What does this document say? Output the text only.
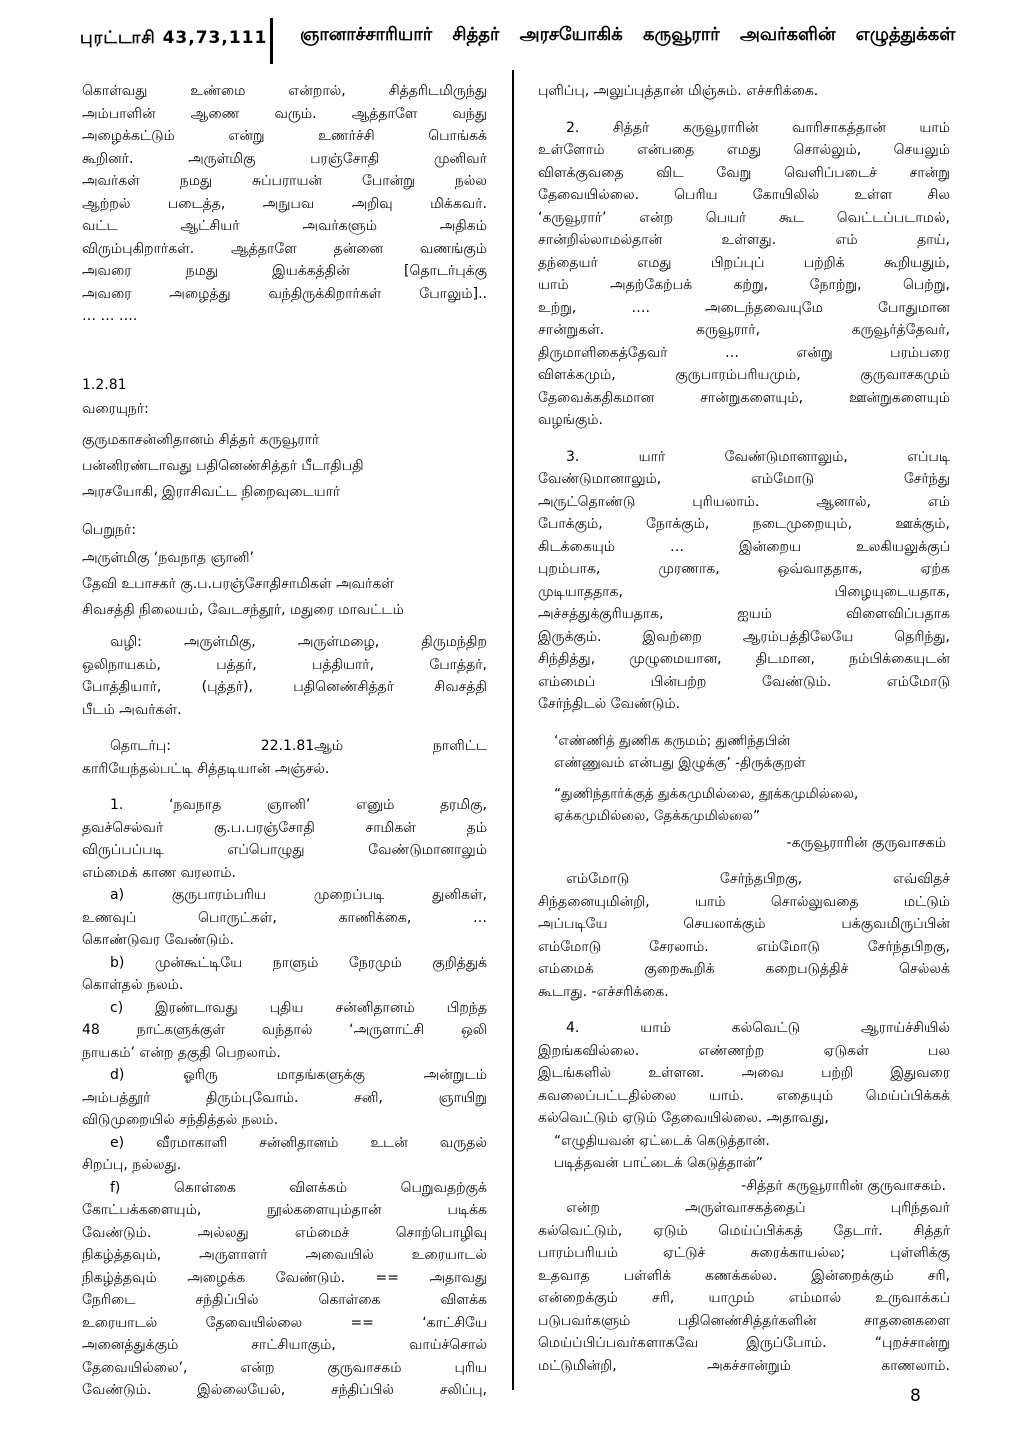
புரட்டாசி 43,73,111 ஞானாச்சாரியார் சித்தர் அரசயோகிக் கருவூரார் அவர்களின் எழுத்துக்கள்
கொள்வது உண்மை என்றால், சித்தரிடமிருந்து
அம்பாளின் ஆணை வரும். ஆத்தாளே வந்து
அழைக்கட்டும் என்று உணர்ச்சி பொங்கக்
கூறினர். அருள்மிகு பரஞ்சோதி முனிவர்
அவர்கள் நமது சுப்பராயன் போன்று நல்ல
ஆற்றல் படைத்த, அநுபவ அறிவு மிக்கவர்.
வட்ட ஆட்சியர் அவர்களும் அதிகம்
விரும்புகிறார்கள். ஆத்தாளே தன்னை வணங்கும்
அவரை நமது இயக்கத்தின் [தொடர்புக்கு
அவரை அழைத்து வந்திருக்கிறார்கள் போலும்]..
… … ….
1.2.81
வரையுநர்:
குருமகாசன்னிதானம் சித்தர் கருவூரார்
பன்னிரண்டாவது பதினெண்சித்தர் பீடாதிபதி
அரசயோகி, இராசிவட்ட நிறைவுடையார்
பெறுநர்:
அருள்மிகு ‘நவநாத ஞானி’
தேவி உபாசகர் கு.ப.பரஞ்சோதிசாமிகள் அவர்கள்
சிவசத்தி நிலையம், வேடசந்தூர், மதுரை மாவட்டம்
வழி: அருள்மிகு, அருள்மழை, திருமந்திற
ஒலிநாயகம், பத்தர், பத்தியார், போத்தர்,
போத்தியார், (புத்தர்), பதினெண்சித்தர் சிவசத்தி
பீடம் அவர்கள்.
தொடர்பு: 22.1.81ஆம் நாளிட்ட
காரியேந்தல்பட்டி சித்தடியான் அஞ்சல்.
1. ‘நவநாத ஞானி’ எனும் தரமிகு,
தவச்செல்வர் கு.ப.பரஞ்சோதி சாமிகள் தம்
விருப்பப்படி எப்பொழுது வேண்டுமானாலும்
எம்மைக் காண வரலாம்.
a) குருபாரம்பரிய முறைப்படி துனிகள்,
உணவுப் பொருட்கள், காணிக்கை, …
கொண்டுவர வேண்டும்.
b) முன்கூட்டியே நாளும் நேரமும் குறித்துக்
கொள்தல் நலம்.
c) இரண்டாவது புதிய சன்னிதானம் பிறந்த
48 நாட்களுக்குள் வந்தால் ‘அருளாட்சி ஒலி
நாயகம்’ என்ற தகுதி பெறலாம்.
d) ஓரிரு மாதங்களுக்கு அன்றுடம்
அம்பத்தூர் திரும்புவோம். சனி, ஞாயிறு
விடுமுறையில் சந்தித்தல் நலம்.
e) வீரமாகாளி சன்னிதானம் உடன் வருதல்
சிறப்பு, நல்லது.
f) கொள்கை விளக்கம் பெறுவதற்குக்
கோட்பக்களையும், நூல்களையும்தான் படிக்க
வேண்டும். அல்லது எம்மைச் சொற்பொழிவு
நிகழ்த்தவும், அருளாளர் அவையில் உரையாடல்
நிகழ்த்தவும் அழைக்க வேண்டும். == அதாவது
நேரிடை சந்திப்பில் கொள்கை விளக்க
உரையாடல் தேவையில்லை == ‘காட்சியே
அனைத்துக்கும் சாட்சியாகும், வாய்ச்சொல்
தேவையில்லை’, என்ற குருவாசகம் புரிய
வேண்டும். இல்லையேல், சந்திப்பில் சலிப்பு,
புளிப்பு, அலுப்புத்தான் மிஞ்சும். எச்சரிக்கை.
2. சித்தர் கருவூராரின் வாரிசாகத்தான் யாம்
உள்ளோம் என்பதை எமது சொல்லும், செயலும்
விளக்குவதை விட வேறு வெளிப்படைச் சான்று
தேவையில்லை. பெரிய கோயிலில் உள்ள சில
‘கருவூரார்’ என்ற பெயர் கூட வெட்டப்படாமல்,
சான்றில்லாமல்தான் உள்ளது. எம் தாய்,
தந்தையர் எமது பிறப்புப் பற்றிக் கூறியதும்,
யாம் அதற்கேற்பக் கற்று, நோற்று, பெற்று,
உற்று, …. அடைந்தவையுமே போதுமான
சான்றுகள். கருவூரார், கருவூர்த்தேவர்,
திருமாளிகைத்தேவர் … என்று பரம்பரை
விளக்கமும், குருபாரம்பரியமும், குருவாசகமும்
தேவைக்கதிகமான சான்றுகளையும், ஊன்றுகளையும்
வழங்கும்.
3. யார் வேண்டுமானாலும், எப்படி
வேண்டுமானாலும், எம்மோடு சேர்ந்து
அருட்தொண்டு புரியலாம். ஆனால், எம்
போக்கும், நோக்கும், நடைமுறையும், ஊக்கும்,
கிடக்கையும் … இன்றைய உலகியலுக்குப்
புறம்பாக, முரணாக, ஒவ்வாததாக, ஏற்க
முடியாததாக, பிழையுடையதாக,
அச்சத்துக்குரியதாக, ஐயம் விளைவிப்பதாக
இருக்கும். இவற்றை ஆரம்பத்திலேயே தெரிந்து,
சிந்தித்து, முழுமையான, திடமான, நம்பிக்கையுடன்
எம்மைப் பின்பற்ற வேண்டும். எம்மோடு
சேர்ந்திடல் வேண்டும்.
‘எண்ணித் துணிக கருமம்; துணிந்தபின்
எண்ணுவம் என்பது இழுக்கு’ -திருக்குறள்
“துணிந்தார்க்குத் துக்கமுமில்லை, தூக்கமுமில்லை,
ஏக்கமுமில்லை, தேக்கமுமில்லை”
-கருவூராரின் குருவாசகம்
எம்மோடு சேர்ந்தபிறகு, எவ்விதச்
சிந்தனையுமின்றி, யாம் சொல்லுவதை மட்டும்
அப்படியே செயலாக்கும் பக்குவமிருப்பின்
எம்மோடு சேரலாம். எம்மோடு சேர்ந்தபிறகு,
எம்மைக் குறைகூறிக் கறைபடுத்திச் செல்லக்
கூடாது. -எச்சரிக்கை.
4. யாம் கல்வெட்டு ஆராய்ச்சியில்
இறங்கவில்லை. எண்ணற்ற ஏடுகள் பல
இடங்களில் உள்ளன. அவை பற்றி இதுவரை
கவலைப்பட்டதில்லை யாம். எதையும் மெய்ப்பிக்கக்
கல்வெட்டும் ஏடும் தேவையில்லை. அதாவது,
“எழுதியவன் ஏட்டைக் கெடுத்தான்.
படித்தவன் பாட்டைக் கெடுத்தான்”
-சித்தர் கருவூராரின் குருவாசகம்.
என்ற அருள்வாசகத்தைப் புரிந்தவர்
கல்வெட்டும், ஏடும் மெய்ப்பிக்கத் தேடார். சித்தர்
பாரம்பரியம் ஏட்டுச் சுரைக்காயல்ல; புள்ளிக்கு
உதவாத பள்ளிக் கணக்கல்ல. இன்றைக்கும் சரி,
என்றைக்கும் சரி, யாமும் எம்மால் உருவாக்கப்
படுபவர்களும் பதினெண்சித்தர்களின் சாதனைகளை
மெய்ப்பிப்பவர்களாகவே இருப்போம். “புறச்சான்று
மட்டுமின்றி, அகச்சான்றும் காணலாம்.
8
